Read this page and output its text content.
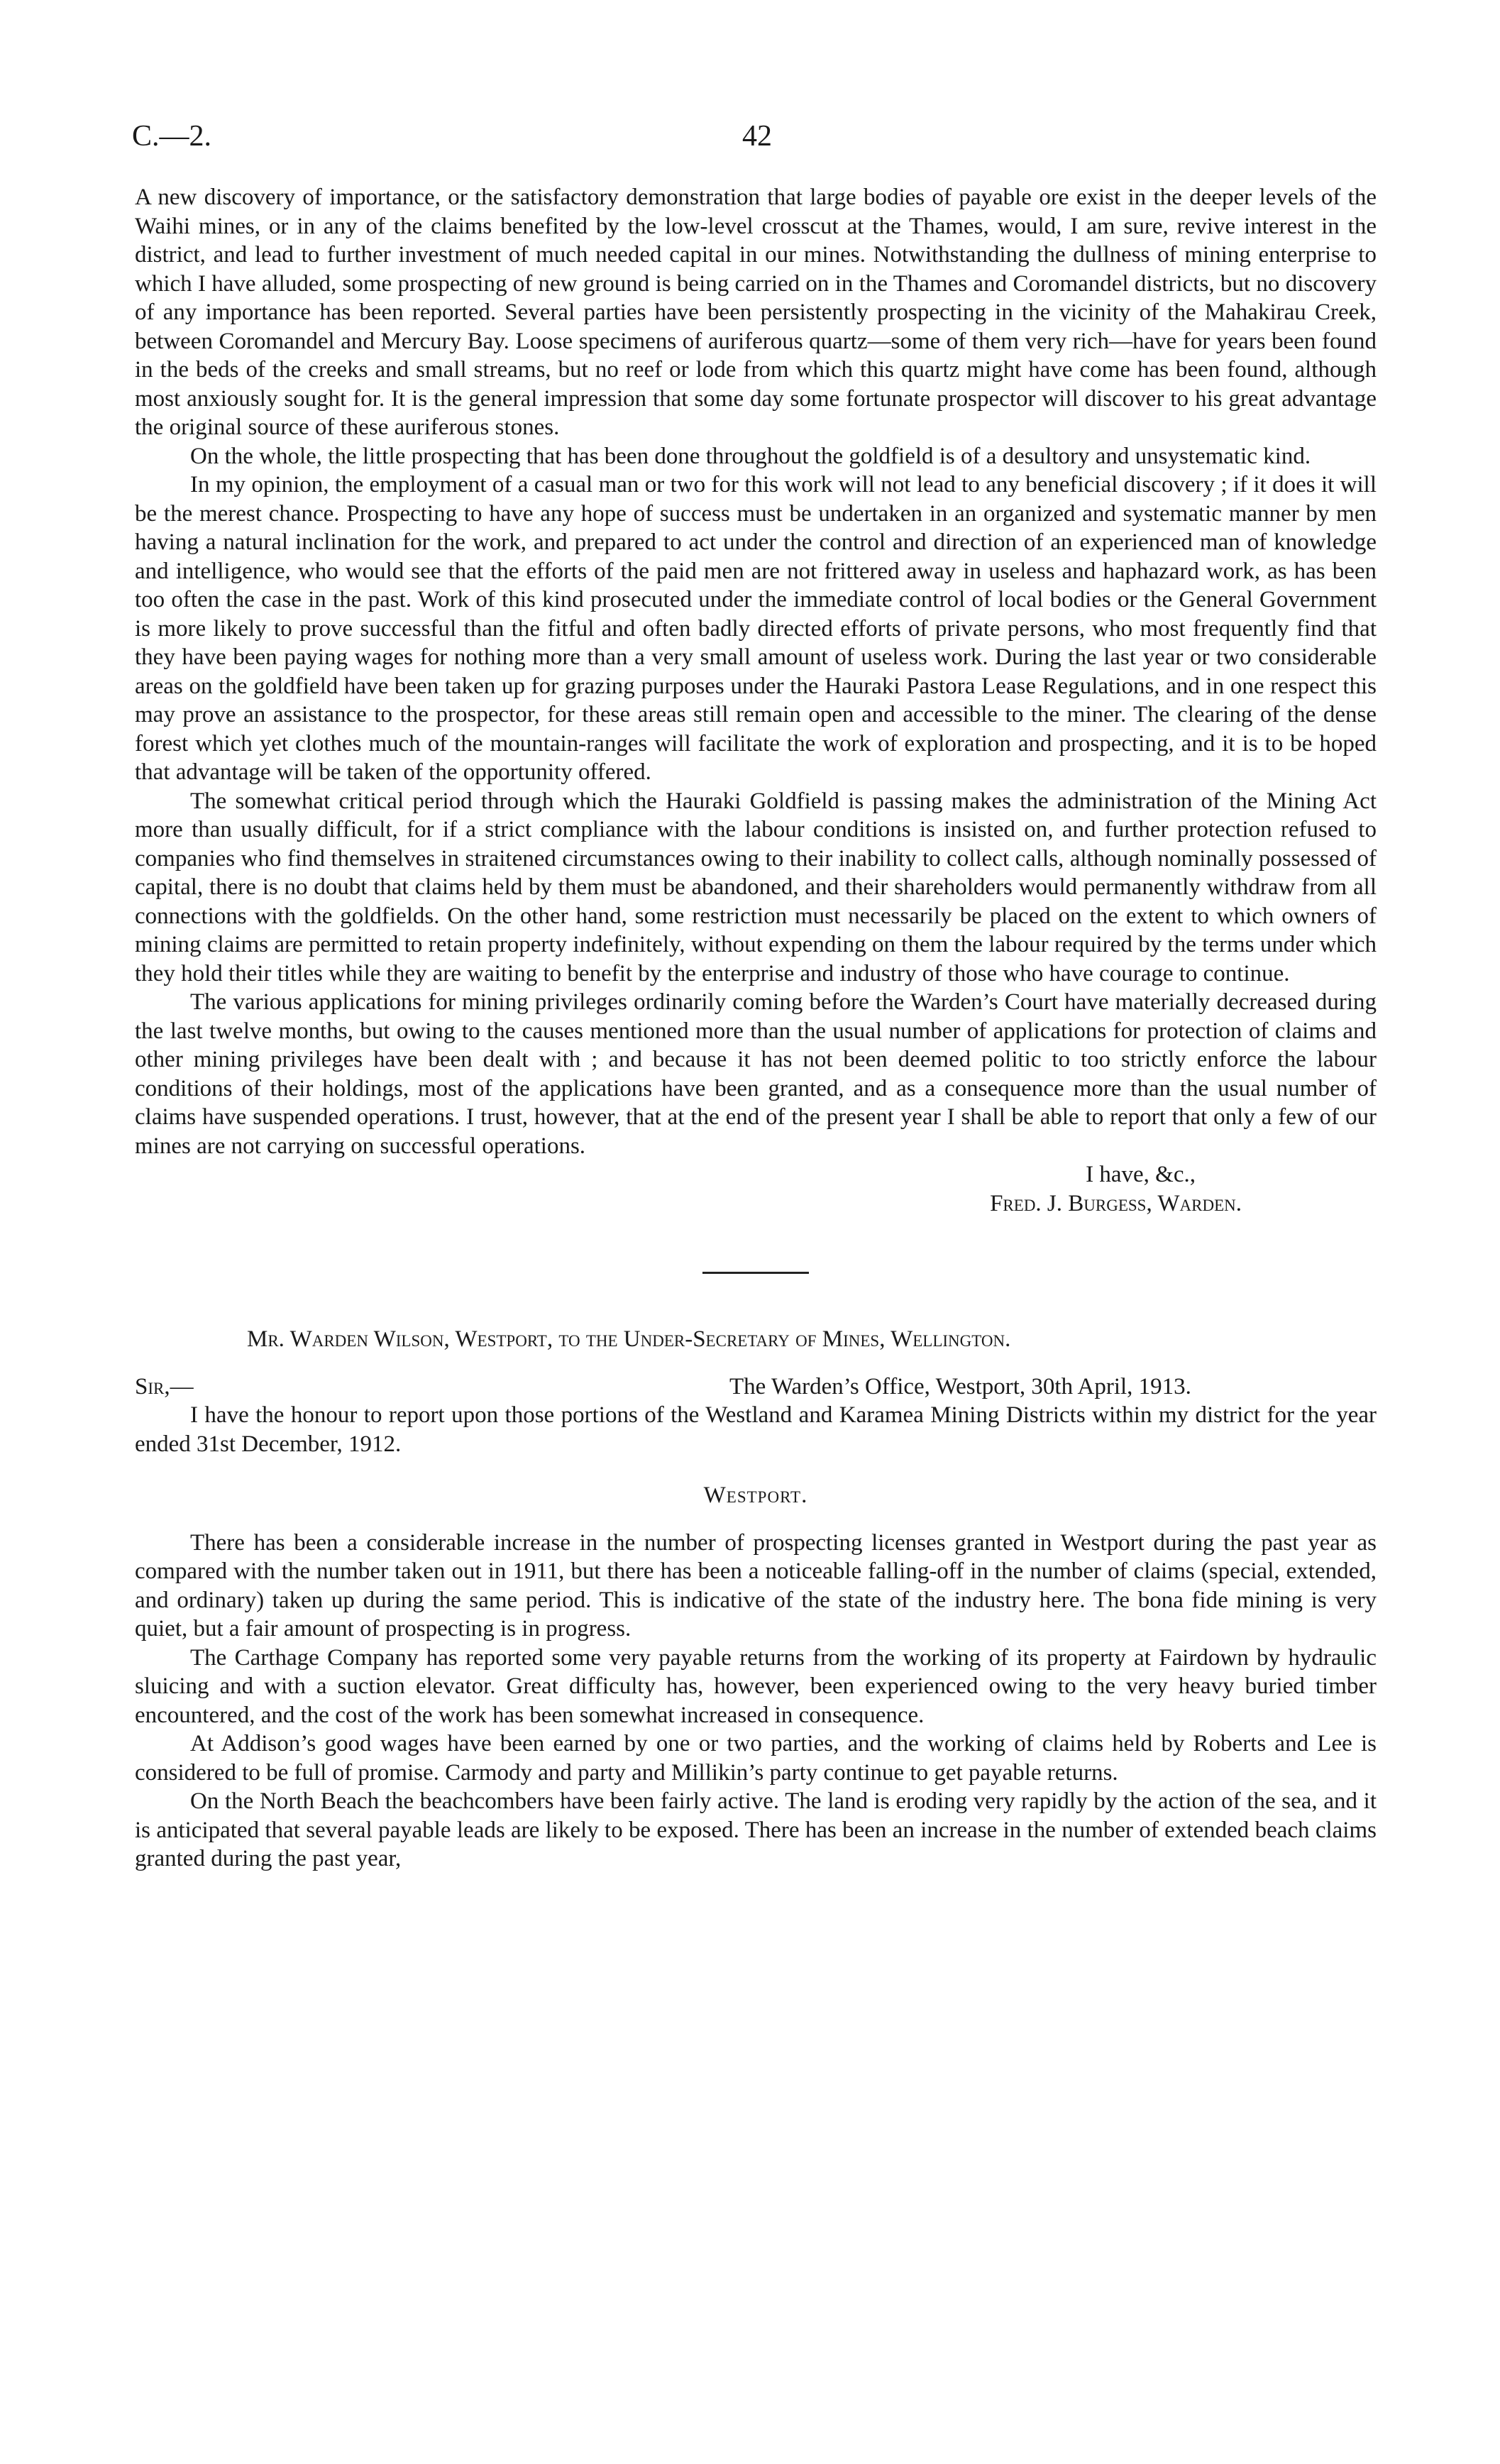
C.—2.	42

A new discovery of importance, or the satisfactory demonstration that large bodies of payable ore exist in the deeper levels of the Waihi mines, or in any of the claims benefited by the low-level crosscut at the Thames, would, I am sure, revive interest in the district, and lead to further investment of much needed capital in our mines. Notwithstanding the dullness of mining enterprise to which I have alluded, some prospecting of new ground is being carried on in the Thames and Coromandel districts, but no discovery of any importance has been reported. Several parties have been persistently prospecting in the vicinity of the Mahakirau Creek, between Coromandel and Mercury Bay. Loose specimens of auriferous quartz—some of them very rich—have for years been found in the beds of the creeks and small streams, but no reef or lode from which this quartz might have come has been found, although most anxiously sought for. It is the general impression that some day some fortunate prospector will discover to his great advantage the original source of these auriferous stones.

On the whole, the little prospecting that has been done throughout the goldfield is of a desultory and unsystematic kind.

In my opinion, the employment of a casual man or two for this work will not lead to any beneficial discovery ; if it does it will be the merest chance. Prospecting to have any hope of success must be undertaken in an organized and systematic manner by men having a natural inclination for the work, and prepared to act under the control and direction of an experienced man of knowledge and intelligence, who would see that the efforts of the paid men are not frittered away in useless and haphazard work, as has been too often the case in the past. Work of this kind prosecuted under the immediate control of local bodies or the General Government is more likely to prove successful than the fitful and often badly directed efforts of private persons, who most frequently find that they have been paying wages for nothing more than a very small amount of useless work. During the last year or two considerable areas on the goldfield have been taken up for grazing purposes under the Hauraki Pastora Lease Regulations, and in one respect this may prove an assistance to the prospector, for these areas still remain open and accessible to the miner. The clearing of the dense forest which yet clothes much of the mountain-ranges will facilitate the work of exploration and prospecting, and it is to be hoped that advantage will be taken of the opportunity offered.

The somewhat critical period through which the Hauraki Goldfield is passing makes the administration of the Mining Act more than usually difficult, for if a strict compliance with the labour conditions is insisted on, and further protection refused to companies who find themselves in straitened circumstances owing to their inability to collect calls, although nominally possessed of capital, there is no doubt that claims held by them must be abandoned, and their shareholders would permanently withdraw from all connections with the goldfields. On the other hand, some restriction must necessarily be placed on the extent to which owners of mining claims are permitted to retain property indefinitely, without expending on them the labour required by the terms under which they hold their titles while they are waiting to benefit by the enterprise and industry of those who have courage to continue.

The various applications for mining privileges ordinarily coming before the Warden’s Court have materially decreased during the last twelve months, but owing to the causes mentioned more than the usual number of applications for protection of claims and other mining privileges have been dealt with ; and because it has not been deemed politic to too strictly enforce the labour conditions of their holdings, most of the applications have been granted, and as a consequence more than the usual number of claims have suspended operations. I trust, however, that at the end of the present year I shall be able to report that only a few of our mines are not carrying on successful operations.

I have, &c.,

Fred. J. Burgess, Warden.

Mr. Warden Wilson, Westport, to the Under-Secretary of Mines, Wellington.

Sir,—	The Warden’s Office, Westport, 30th April, 1913.

I have the honour to report upon those portions of the Westland and Karamea Mining Districts within my district for the year ended 31st December, 1912.

Westport.

There has been a considerable increase in the number of prospecting licenses granted in Westport during the past year as compared with the number taken out in 1911, but there has been a noticeable falling-off in the number of claims (special, extended, and ordinary) taken up during the same period. This is indicative of the state of the industry here. The bona fide mining is very quiet, but a fair amount of prospecting is in progress.

The Carthage Company has reported some very payable returns from the working of its property at Fairdown by hydraulic sluicing and with a suction elevator. Great difficulty has, however, been experienced owing to the very heavy buried timber encountered, and the cost of the work has been somewhat increased in consequence.

At Addison’s good wages have been earned by one or two parties, and the working of claims held by Roberts and Lee is considered to be full of promise. Carmody and party and Millikin’s party continue to get payable returns.

On the North Beach the beachcombers have been fairly active. The land is eroding very rapidly by the action of the sea, and it is anticipated that several payable leads are likely to be exposed. There has been an increase in the number of extended beach claims granted during the past year,
